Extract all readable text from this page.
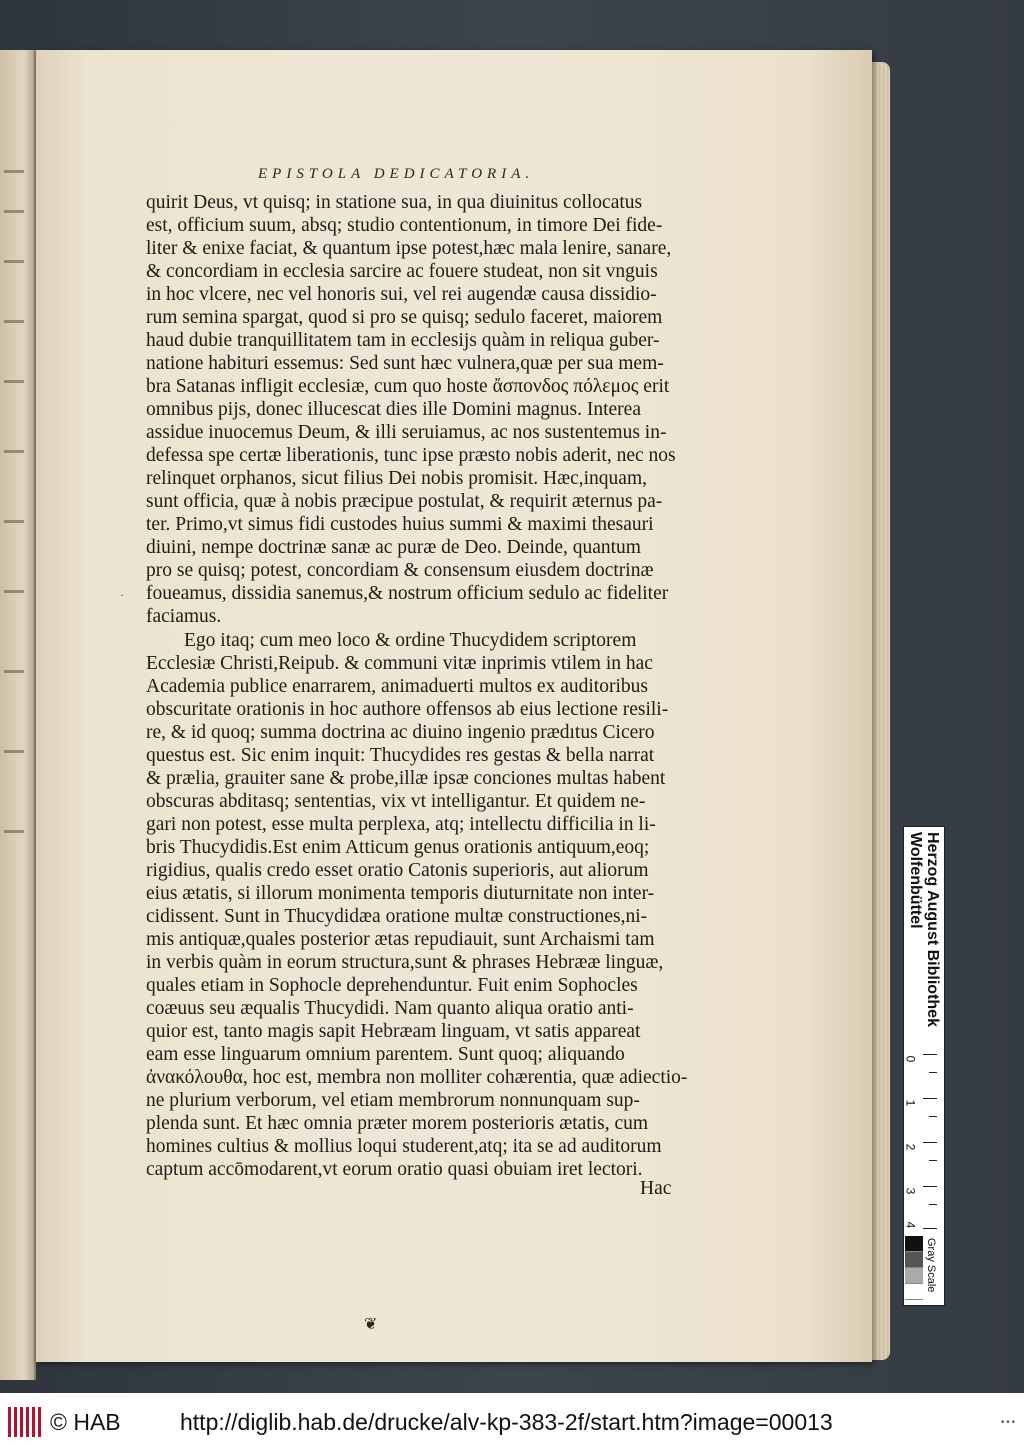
EPISTOLA DEDICATORIA.
quirit Deus, vt quisq; in statione sua, in qua diuinitus collocatus
est, officium suum, absq; studio contentionum, in timore Dei fide-
liter & enixe faciat, & quantum ipse potest,hæc mala lenire, sanare,
& concordiam in ecclesia sarcire ac fouere studeat, non sit vnguis
in hoc vlcere, nec vel honoris sui, vel rei augendæ causa dissidio-
rum semina spargat, quod si pro se quisq; sedulo faceret, maiorem
haud dubie tranquillitatem tam in ecclesijs quàm in reliqua guber-
natione habituri essemus: Sed sunt hæc vulnera,quæ per sua mem-
bra Satanas infligit ecclesiæ, cum quo hoste ἄσπονδος πόλεμος erit
omnibus pijs, donec illucescat dies ille Domini magnus. Interea
assidue inuocemus Deum, & illi seruiamus, ac nos sustentemus in-
defessa spe certæ liberationis, tunc ipse præsto nobis aderit, nec nos
relinquet orphanos, sicut filius Dei nobis promisit. Hæc,inquam,
sunt officia, quæ à nobis præcipue postulat, & requirit æternus pa-
ter. Primo,vt simus fidi custodes huius summi & maximi thesauri
diuini, nempe doctrinæ sanæ ac puræ de Deo. Deinde, quantum
pro se quisq; potest, concordiam & consensum eiusdem doctrinæ
foueamus, dissidia sanemus,& nostrum officium sedulo ac fideliter
faciamus.
Ego itaq; cum meo loco & ordine Thucydidem scriptorem
Ecclesiæ Christi,Reipub. & communi vitæ inprimis vtilem in hac
Academia publice enarrarem, animaduerti multos ex auditoribus
obscuritate orationis in hoc authore offensos ab eius lectione resili-
re, & id quoq; summa doctrina ac diuino ingenio prædıtus Cicero
questus est. Sic enim inquit: Thucydides res gestas & bella narrat
& prælia, grauiter sane & probe,illæ ipsæ conciones multas habent
obscuras abditasq; sententias, vix vt intelligantur. Et quidem ne-
gari non potest, esse multa perplexa, atq; intellectu difficilia in li-
bris Thucydidis.Est enim Atticum genus orationis antiquum,eoq;
rigidius, qualis credo esset oratio Catonis superioris, aut aliorum
eius ætatis, si illorum monimenta temporis diuturnitate non inter-
cidissent. Sunt in Thucydidæa oratione multæ constructiones,ni-
mis antiquæ,quales posterior ætas repudiauit, sunt Archaismi tam
in verbis quàm in eorum structura,sunt & phrases Hebrææ linguæ,
quales etiam in Sophocle deprehenduntur. Fuit enim Sophocles
coæuus seu æqualis Thucydidi. Nam quanto aliqua oratio anti-
quior est, tanto magis sapit Hebræam linguam, vt satis appareat
eam esse linguarum omnium parentem. Sunt quoq; aliquando
ἀνακόλουθα, hoc est, membra non molliter cohærentia, quæ adiectio-
ne plurium verborum, vel etiam membrorum nonnunquam sup-
plenda sunt. Et hæc omnia præter morem posterioris ætatis, cum
homines cultius & mollius loqui studerent,atq; ita se ad auditorum
captum accōmodarent,vt eorum oratio quasi obuiam iret lectori.
Hac
❦
·
Herzog August Bibliothek
Wolfenbüttel
0
1
2
3
4
Gray Scale
© HAB	http://diglib.hab.de/drucke/alv-kp-383-2f/start.htm?image=00013	•••
